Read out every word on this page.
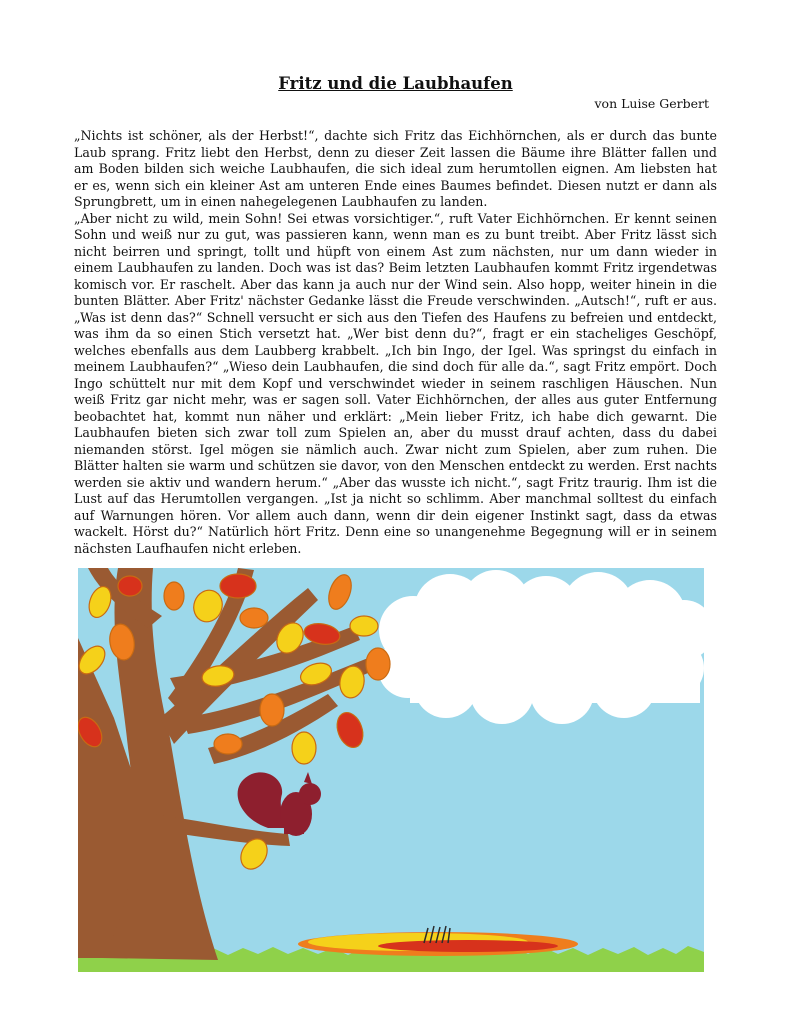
Fritz und die Laubhaufen

von Luise Gerbert

„Nichts ist schöner, als der Herbst!“, dachte sich Fritz das Eichhörnchen, als er durch das bunte Laub sprang. Fritz liebt den Herbst, denn zu dieser Zeit lassen die Bäume ihre Blätter fallen und am Boden bilden sich weiche Laubhaufen, die sich ideal zum herumtollen eignen. Am liebsten hat er es, wenn sich ein kleiner Ast am unteren Ende eines Baumes befindet. Diesen nutzt er dann als Sprungbrett, um in einen nahegelegenen Laubhaufen zu landen.

„Aber nicht zu wild, mein Sohn! Sei etwas vorsichtiger.“, ruft Vater Eichhörnchen. Er kennt seinen Sohn und weiß nur zu gut, was passieren kann, wenn man es zu bunt treibt. Aber Fritz lässt sich nicht beirren und springt, tollt und hüpft von einem Ast zum nächsten, nur um dann wieder in einem Laubhaufen zu landen. Doch was ist das? Beim letzten Laubhaufen kommt Fritz irgendetwas komisch vor. Er raschelt. Aber das kann ja auch nur der Wind sein. Also hopp, weiter hinein in die bunten Blätter. Aber Fritz' nächster Gedanke lässt die Freude verschwinden. „Autsch!“, ruft er aus. „Was ist denn das?“ Schnell versucht er sich aus den Tiefen des Haufens zu befreien und entdeckt, was ihm da so einen Stich versetzt hat. „Wer bist denn du?“, fragt er ein stacheliges Geschöpf, welches ebenfalls aus dem Laubberg krabbelt. „Ich bin Ingo, der Igel. Was springst du einfach in meinem Laubhaufen?“ „Wieso dein Laubhaufen, die sind doch für alle da.“, sagt Fritz empört. Doch Ingo schüttelt nur mit dem Kopf und verschwindet wieder in seinem raschligen Häuschen. Nun weiß Fritz gar nicht mehr, was er sagen soll. Vater Eichhörnchen, der alles aus guter Entfernung beobachtet hat, kommt nun näher und erklärt: „Mein lieber Fritz, ich habe dich gewarnt. Die Laubhaufen bieten sich zwar toll zum Spielen an, aber du musst drauf achten, dass du dabei niemanden störst. Igel mögen sie nämlich auch. Zwar nicht zum Spielen, aber zum ruhen. Die Blätter halten sie warm und schützen sie davor, von den Menschen entdeckt zu werden. Erst nachts werden sie aktiv und wandern herum.“ „Aber das wusste ich nicht.“, sagt Fritz traurig. Ihm ist die Lust auf das Herumtollen vergangen. „Ist ja nicht so schlimm. Aber manchmal solltest du einfach auf Warnungen hören. Vor allem auch dann, wenn dir dein eigener Instinkt sagt, dass da etwas wackelt. Hörst du?“ Natürlich hört Fritz. Denn eine so unangenehme Begegnung will er in seinem nächsten Laufhaufen nicht erleben.
